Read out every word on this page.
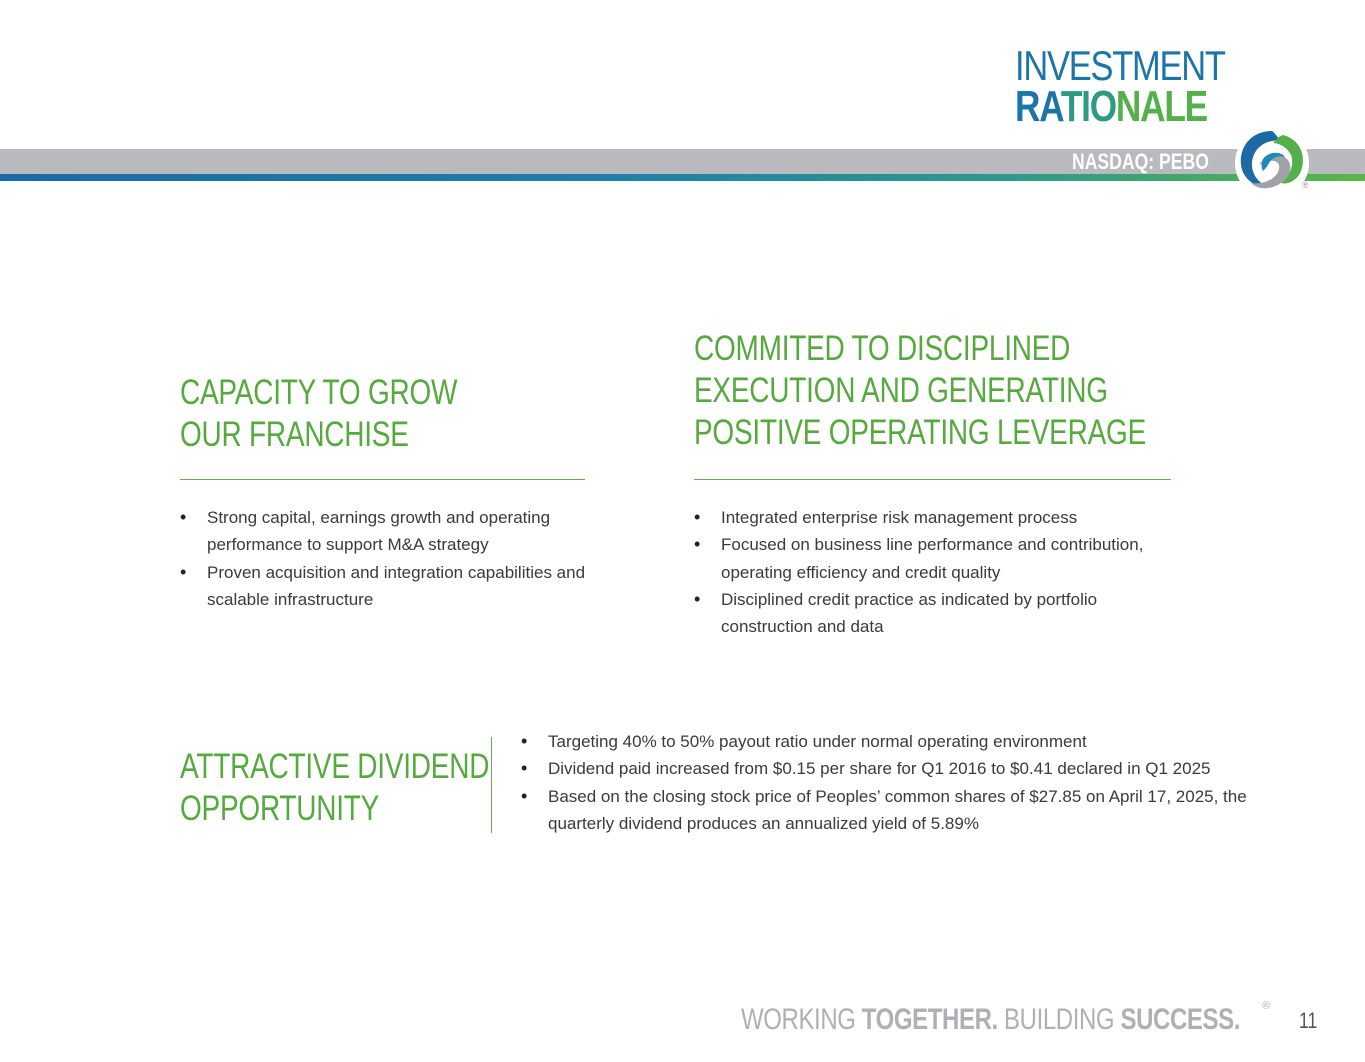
INVESTMENT
RATIONALE
NASDAQ: PEBO
®
CAPACITY TO GROW
OUR FRANCHISE
• Strong capital, earnings growth and operating performance to support M&A strategy
• Proven acquisition and integration capabilities and scalable infrastructure
COMMITED TO DISCIPLINED
EXECUTION AND GENERATING
POSITIVE OPERATING LEVERAGE
• Integrated enterprise risk management process
• Focused on business line performance and contribution, operating efficiency and credit quality
• Disciplined credit practice as indicated by portfolio construction and data
ATTRACTIVE DIVIDEND
OPPORTUNITY
• Targeting 40% to 50% payout ratio under normal operating environment
• Dividend paid increased from $0.15 per share for Q1 2016 to $0.41 declared in Q1 2025
• Based on the closing stock price of Peoples’ common shares of $27.85 on April 17, 2025, the quarterly dividend produces an annualized yield of 5.89%
WORKING TOGETHER. BUILDING SUCCESS. ®
11
